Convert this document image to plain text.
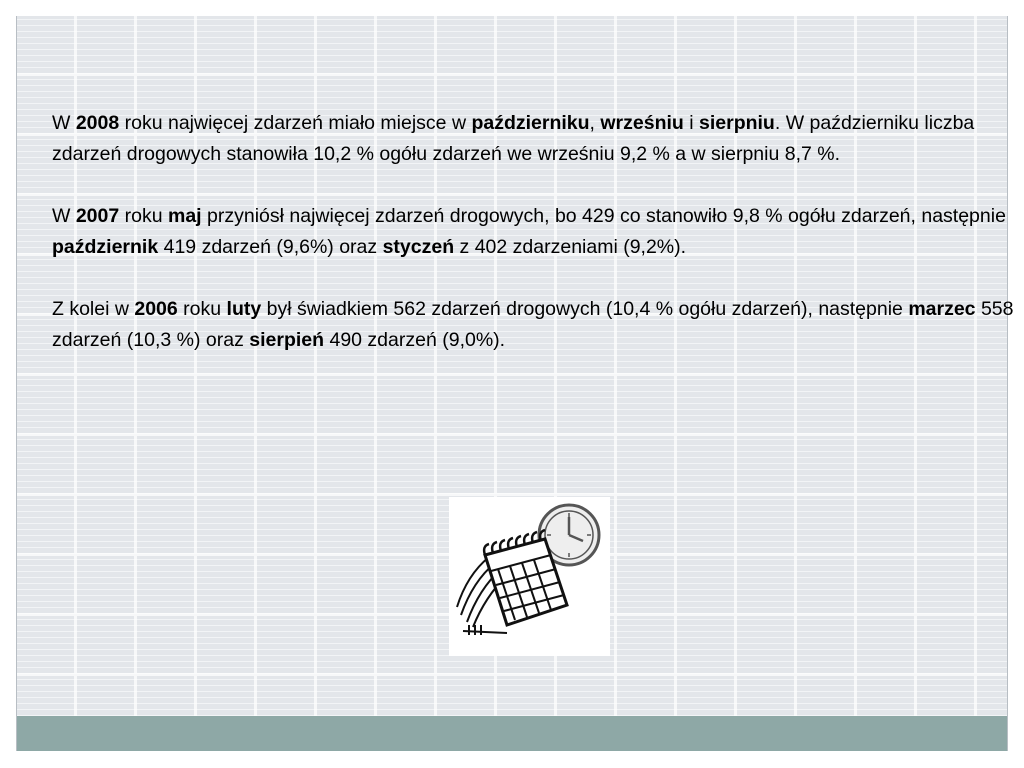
W 2008 roku najwięcej zdarzeń miało miejsce w październiku, wrześniu i sierpniu. W październiku liczba zdarzeń drogowych stanowiła 10,2 % ogółu zdarzeń we wrześniu 9,2 % a w sierpniu 8,7 %.

W 2007 roku maj przyniósł najwięcej zdarzeń drogowych, bo 429 co stanowiło 9,8 % ogółu zdarzeń, następnie październik 419 zdarzeń (9,6%) oraz styczeń z 402 zdarzeniami (9,2%).

Z kolei w 2006 roku luty był świadkiem 562 zdarzeń drogowych (10,4 % ogółu zdarzeń), następnie marzec 558 zdarzeń (10,3 %) oraz sierpień 490 zdarzeń (9,0%).
